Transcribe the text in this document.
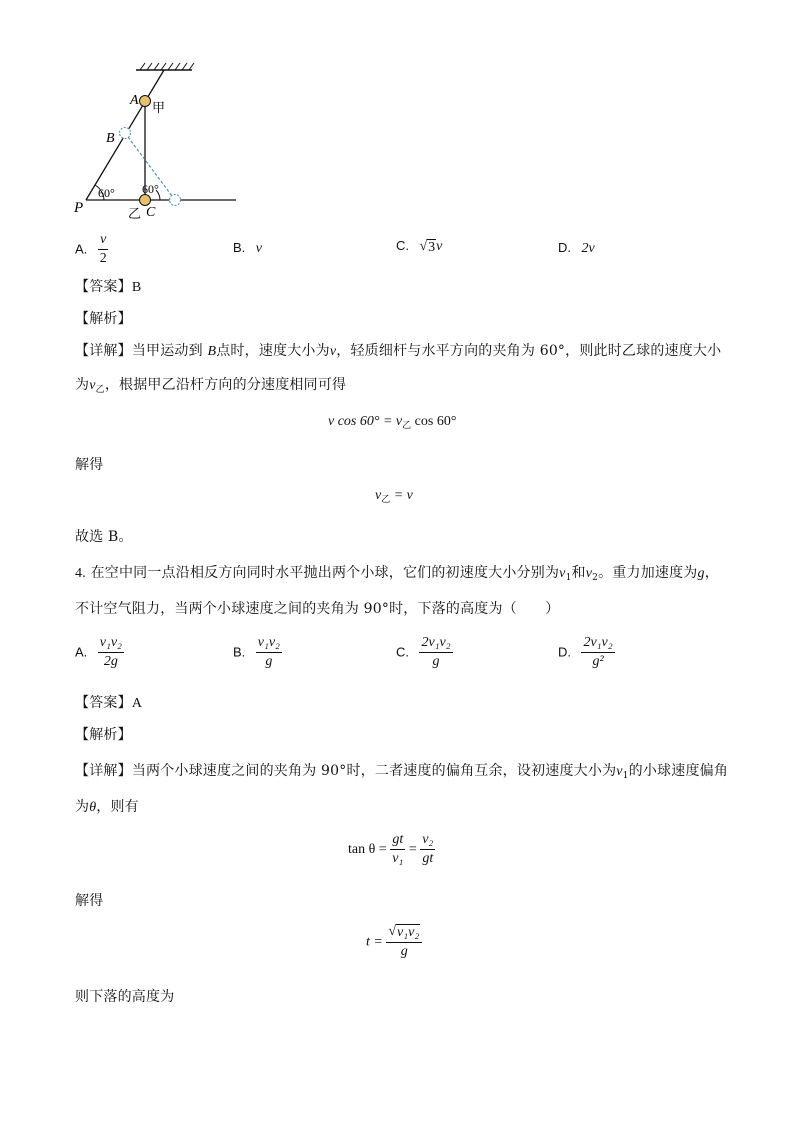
A
甲
B
P
60° 60°
乙 C
A. $\frac{v}{2}$	B. v	C. √ 3 v	D. 2v
【答案】B
【解析】
【详解】当甲运动到 B点时，速度大小为v，轻质细杆与水平方向的夹角为 60°，则此时乙球的速度大小
为$v_乙$，根据甲乙沿杆方向的分速度相同可得
v $\cos 60^\circ = v_乙$ cos 60°
解得
$v_乙 = v$
故选 B。
4. 在空中同一点沿相反方向同时水平抛出两个小球，它们的初速度大小分别为$v_1$和$v_2$。重力加速度为g，
不计空气阻力，当两个小球速度之间的夹角为 90°时，下落的高度为（　　）
A. $\frac{\text{v₁v₂}}{2g}$	B. $\frac{\text{v₁v₂}}{g}$	C. $\frac{\text{2v₁v₂}}{g}$	D. $\frac{\text{2v₁v₂}}{\text{g²}}$
【答案】A
【解析】
【详解】当两个小球速度之间的夹角为 90°时，二者速度的偏角互余，设初速度大小为$v_1$的小球速度偏角
为θ，则有
$\tan \theta = \frac{gt}{\text{v₁}} = \frac{\text{v₂}}{gt}$
解得
$t = \frac{\text{√ v₁v₂}}{g}$
则下落的高度为
